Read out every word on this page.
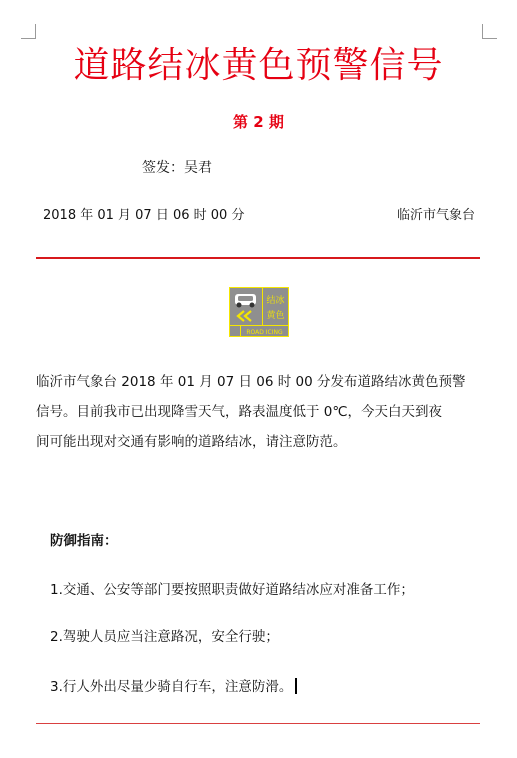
道路结冰黄色预警信号
第 2 期
签发：吴君
2018 年 01 月 07 日 06 时 00 分	临沂市气象台
结冰
黄色
ROAD ICING

临沂市气象台 2018 年 01 月 07 日 06 时 00 分发布道路结冰黄色预警
信号。目前我市已出现降雪天气，路表温度低于 0℃，今天白天到夜
间可能出现对交通有影响的道路结冰，请注意防范。

防御指南：
1.交通、公安等部门要按照职责做好道路结冰应对准备工作；
2.驾驶人员应当注意路况，安全行驶；
3.行人外出尽量少骑自行车，注意防滑。
